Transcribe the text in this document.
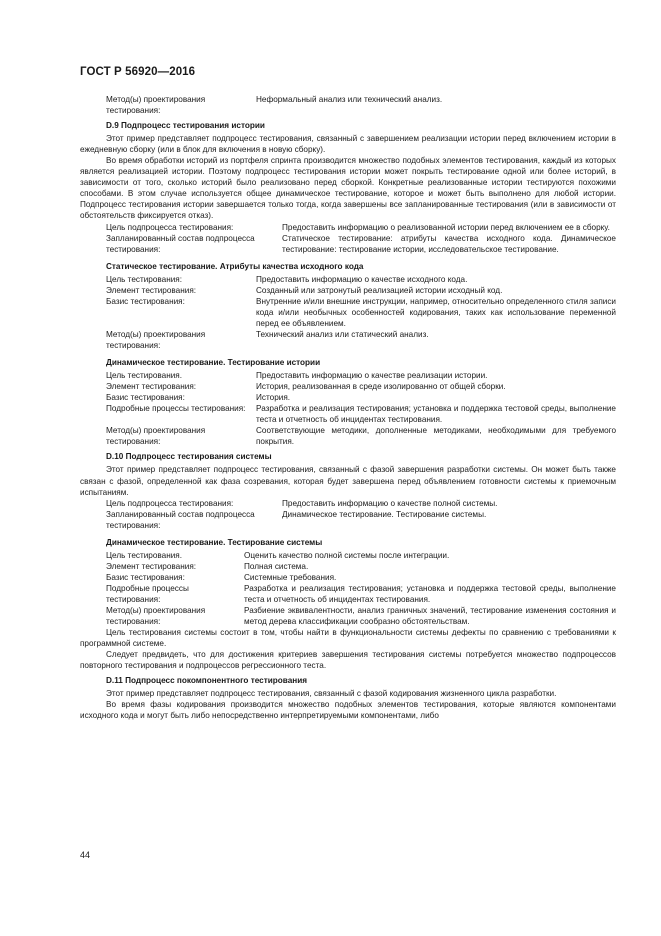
ГОСТ Р 56920—2016
Метод(ы) проектирования тестирования:
Неформальный анализ или технический анализ.
D.9 Подпроцесс тестирования истории

Этот пример представляет подпроцесс тестирования, связанный с завершением реализации истории перед включением истории в ежедневную сборку (или в блок для включения в новую сборку).

Во время обработки историй из портфеля спринта производится множество подобных элементов тестирования, каждый из которых является реализацией истории. Поэтому подпроцесс тестирования истории может покрыть тестирование одной или более историй, в зависимости от того, сколько историй было реализовано перед сборкой. Конкретные реализованные истории тестируются похожими способами. В этом случае используется общее динамическое тестирование, которое и может быть выполнено для любой истории. Подпроцесс тестирования истории завершается только тогда, когда завершены все запланированные тестирования (или в зависимости от обстоятельств фиксируется отказ).

Цель подпроцесса тестирования:	Предоставить информацию о реализованной истории перед включением ее в сборку.
Запланированный состав подпроцесса тестирования:
Статическое тестирование: атрибуты качества исходного кода. Динамическое тестирование: тестирование истории, исследовательское тестирование.
Статическое тестирование. Атрибуты качества исходного кода
Цель тестирования:	Предоставить информацию о качестве исходного кода.
Элемент тестирования:	Созданный или затронутый реализацией истории исходный код.
Базис тестирования:	Внутренние и/или внешние инструкции, например, относительно определенного стиля записи кода и/или необычных особенностей кодирования, таких как использование переменной перед ее объявлением.
Метод(ы) проектирования тестирования:
Технический анализ или статический анализ.
Динамическое тестирование. Тестирование истории
Цель тестирования.	Предоставить информацию о качестве реализации истории.
Элемент тестирования:	История, реализованная в среде изолированно от общей сборки.
Базис тестирования:	История.
Подробные процессы тестирования:	Разработка и реализация тестирования; установка и поддержка тестовой среды, выполнение теста и отчетность об инцидентах тестирования.
Метод(ы) проектирования тестирования:
Соответствующие методики, дополненные методиками, необходимыми для требуемого покрытия.
D.10 Подпроцесс тестирования системы

Этот пример представляет подпроцесс тестирования, связанный с фазой завершения разработки системы. Он может быть также связан с фазой, определенной как фаза созревания, которая будет завершена перед объявлением готовности системы к приемочным испытаниям.

Цель подпроцесса тестирования:	Предоставить информацию о качестве полной системы.
Запланированный состав подпроцесса тестирования:
Динамическое тестирование. Тестирование системы.
Динамическое тестирование. Тестирование системы
Цель тестирования.	Оценить качество полной системы после интеграции.
Элемент тестирования:	Полная система.
Базис тестирования:	Системные требования.
Подробные процессы тестирования:
Разработка и реализация тестирования; установка и поддержка тестовой среды, выполнение теста и отчетность об инцидентах тестирования.
Метод(ы) проектирования тестирования:
Разбиение эквивалентности, анализ граничных значений, тестирование изменения состояния и метод дерева классификации сообразно обстоятельствам.

Цель тестирования системы состоит в том, чтобы найти в функциональности системы дефекты по сравнению с требованиями к программной системе.

Следует предвидеть, что для достижения критериев завершения тестирования системы потребуется множество подпроцессов повторного тестирования и подпроцессов регрессионного теста.

D.11 Подпроцесс покомпонентного тестирования

Этот пример представляет подпроцесс тестирования, связанный с фазой кодирования жизненного цикла разработки.

Во время фазы кодирования производится множество подобных элементов тестирования, которые являются компонентами исходного кода и могут быть либо непосредственно интерпретируемыми компонентами, либо

44
